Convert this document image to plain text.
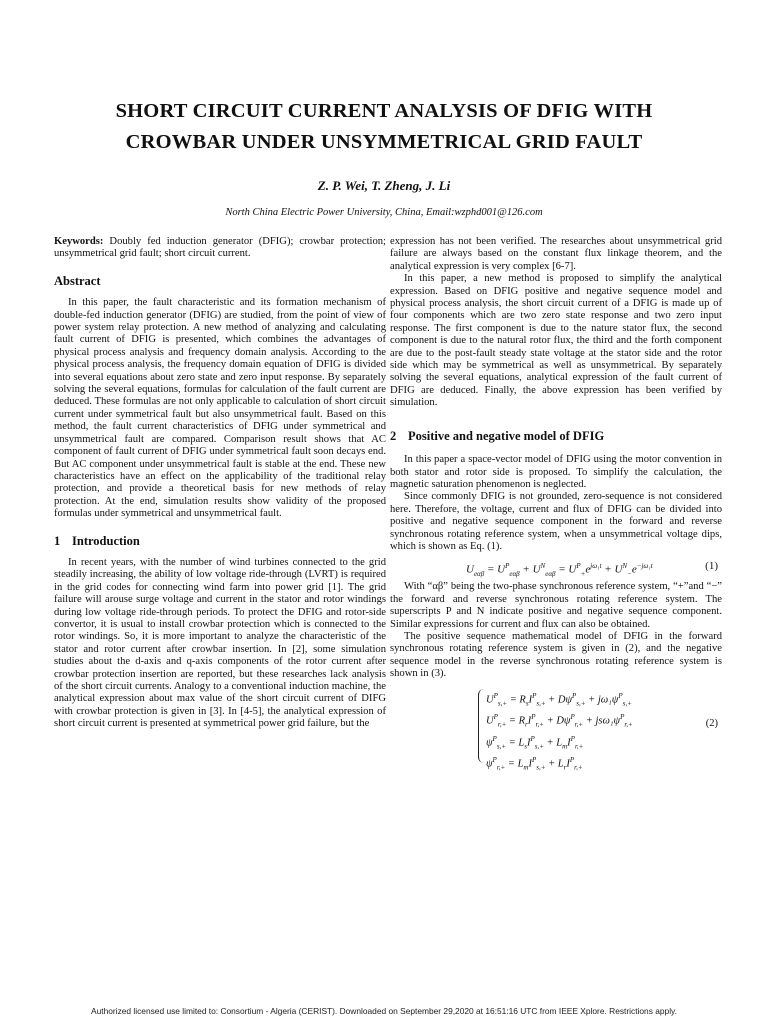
SHORT CIRCUIT CURRENT ANALYSIS OF DFIG WITH
CROWBAR UNDER UNSYMMETRICAL GRID FAULT
Z. P. Wei, T. Zheng, J. Li
North China Electric Power University, China, Email:wzphd001@126.com

Keywords: Doubly fed induction generator (DFIG); crowbar protection; unsymmetrical grid fault; short circuit current.

Abstract

In this paper, the fault characteristic and its formation mechanism of double-fed induction generator (DFIG) are studied, from the point of view of power system relay protection. A new method of analyzing and calculating fault current of DFIG is presented, which combines the advantages of physical process analysis and frequency domain analysis. According to the physical process analysis, the frequency domain equation of DFIG is divided into several equations about zero state and zero input response. By separately solving the several equations, formulas for calculation of the fault current are deduced. These formulas are not only applicable to calculation of short circuit current under symmetrical fault but also unsymmetrical fault. Based on this method, the fault current characteristics of DFIG under symmetrical and unsymmetrical fault are compared. Comparison result shows that AC component of fault current of DFIG under symmetrical fault soon decays end. But AC component under unsymmetrical fault is stable at the end. These new characteristics have an effect on the applicability of the traditional relay protection, and provide a theoretical basis for new methods of relay protection. At the end, simulation results show validity of the proposed formulas under symmetrical and unsymmetrical fault.

1 Introduction

In recent years, with the number of wind turbines connected to the grid steadily increasing, the ability of low voltage ride-through (LVRT) is required in the grid codes for connecting wind farm into power grid [1]. The grid failure will arouse surge voltage and current in the stator and rotor windings during low voltage ride-through periods. To protect the DFIG and rotor-side convertor, it is usual to install crowbar protection which is connected to the rotor windings. So, it is more important to analyze the characteristic of the stator and rotor current after crowbar insertion. In [2], some simulation studies about the d-axis and q-axis components of the rotor current after crowbar protection insertion are reported, but these researches lack analysis of the short circuit currents. Analogy to a conventional induction machine, the analytical expression about max value of the short circuit current of DIFG with crowbar protection is given in [3]. In [4-5], the analytical expression of short circuit current is presented at symmetrical power grid failure, but the

expression has not been verified. The researches about unsymmetrical grid failure are always based on the constant flux linkage theorem, and the analytical expression is very complex [6-7].

In this paper, a new method is proposed to simplify the analytical expression. Based on DFIG positive and negative sequence model and physical process analysis, the short circuit current of a DFIG is made up of four components which are two zero state response and two zero input response. The first component is due to the nature stator flux, the second component is due to the natural rotor flux, the third and the forth component are due to the post-fault steady state voltage at the stator side and the rotor side which may be symmetrical as well as unsymmetrical. By separately solving the several equations, analytical expression of the fault current of DFIG are deduced. Finally, the above expression has been verified by simulation.

2 Positive and negative model of DFIG

In this paper a space-vector model of DFIG using the motor convention in both stator and rotor side is proposed. To simplify the calculation, the magnetic saturation phenomenon is neglected.

Since commonly DFIG is not grounded, zero-sequence is not considered here. Therefore, the voltage, current and flux of DFIG can be divided into positive and negative sequence component in the forward and reverse synchronous rotating reference system, when a unsymmetrical voltage dips, which is shown as Eq. (1).

$U_{e\alpha\beta} = U^P_{e\alpha\beta} + U^N_{e\alpha\beta} = U^P_+e^{j\omega_1t} + U^N_-e^{-j\omega_1t}$	(1)

With “αβ” being the two-phase synchronous reference system, “+”and “−” the forward and reverse synchronous rotating reference system. The superscripts P and N indicate positive and negative sequence component. Similar expressions for current and flux can also be obtained.

The positive sequence mathematical model of DFIG in the forward synchronous rotating reference system is given in (2), and the negative sequence model in the reverse synchronous rotating reference system is shown in (3).

$U^P_{s,+} = R_sI^P_{s,+} + D\psi^P_{s,+} + j\omega_1\psi^P_{s,+}$
$U^P_{r,+} = R_rI^P_{r,+} + D\psi^P_{r,+} + js\omega_1\psi^P_{r,+}$
$\psi^P_{s,+} = L_sI^P_{s,+} + L_mI^P_{r,+}$
$\psi^P_{r,+} = L_mI^P_{s,+} + L_rI^P_{r,+}$
(2)
Authorized licensed use limited to: Consortium - Algeria (CERIST). Downloaded on September 29,2020 at 16:51:16 UTC from IEEE Xplore. Restrictions apply.
